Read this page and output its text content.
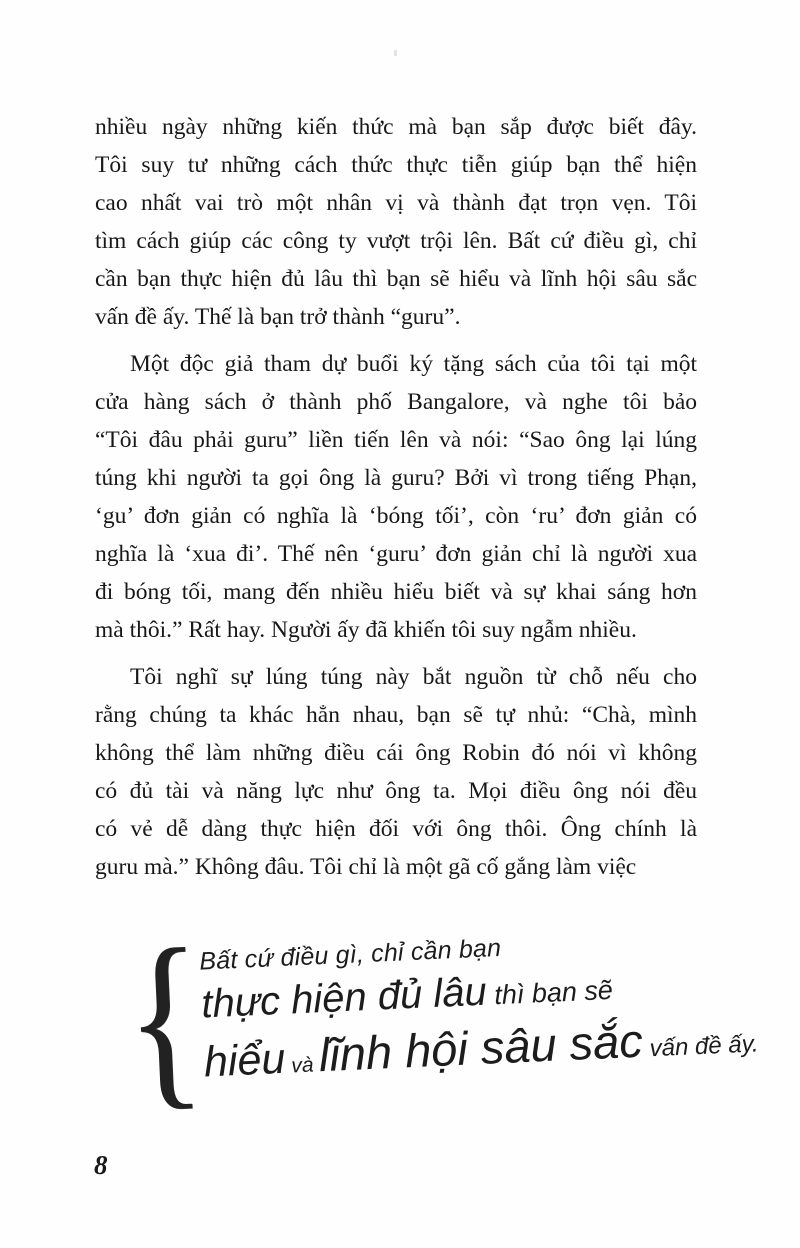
nhiều ngày những kiến thức mà bạn sắp được biết đây.
Tôi suy tư những cách thức thực tiễn giúp bạn thể hiện
cao nhất vai trò một nhân vị và thành đạt trọn vẹn. Tôi
tìm cách giúp các công ty vượt trội lên. Bất cứ điều gì, chỉ
cần bạn thực hiện đủ lâu thì bạn sẽ hiểu và lĩnh hội sâu sắc
vấn đề ấy. Thế là bạn trở thành “guru”.
Một độc giả tham dự buổi ký tặng sách của tôi tại một
cửa hàng sách ở thành phố Bangalore, và nghe tôi bảo
“Tôi đâu phải guru” liền tiến lên và nói: “Sao ông lại lúng
túng khi người ta gọi ông là guru? Bởi vì trong tiếng Phạn,
‘gu’ đơn giản có nghĩa là ‘bóng tối’, còn ‘ru’ đơn giản có
nghĩa là ‘xua đi’. Thế nên ‘guru’ đơn giản chỉ là người xua
đi bóng tối, mang đến nhiều hiểu biết và sự khai sáng hơn
mà thôi.” Rất hay. Người ấy đã khiến tôi suy ngẫm nhiều.
Tôi nghĩ sự lúng túng này bắt nguồn từ chỗ nếu cho
rằng chúng ta khác hẳn nhau, bạn sẽ tự nhủ: “Chà, mình
không thể làm những điều cái ông Robin đó nói vì không
có đủ tài và năng lực như ông ta. Mọi điều ông nói đều
có vẻ dễ dàng thực hiện đối với ông thôi. Ông chính là
guru mà.” Không đâu. Tôi chỉ là một gã cố gắng làm việc
{
Bất cứ điều gì, chỉ cần bạn
thực hiện đủ lâu thì bạn sẽ
hiểu và lĩnh hội sâu sắc vấn đề ấy.
8
